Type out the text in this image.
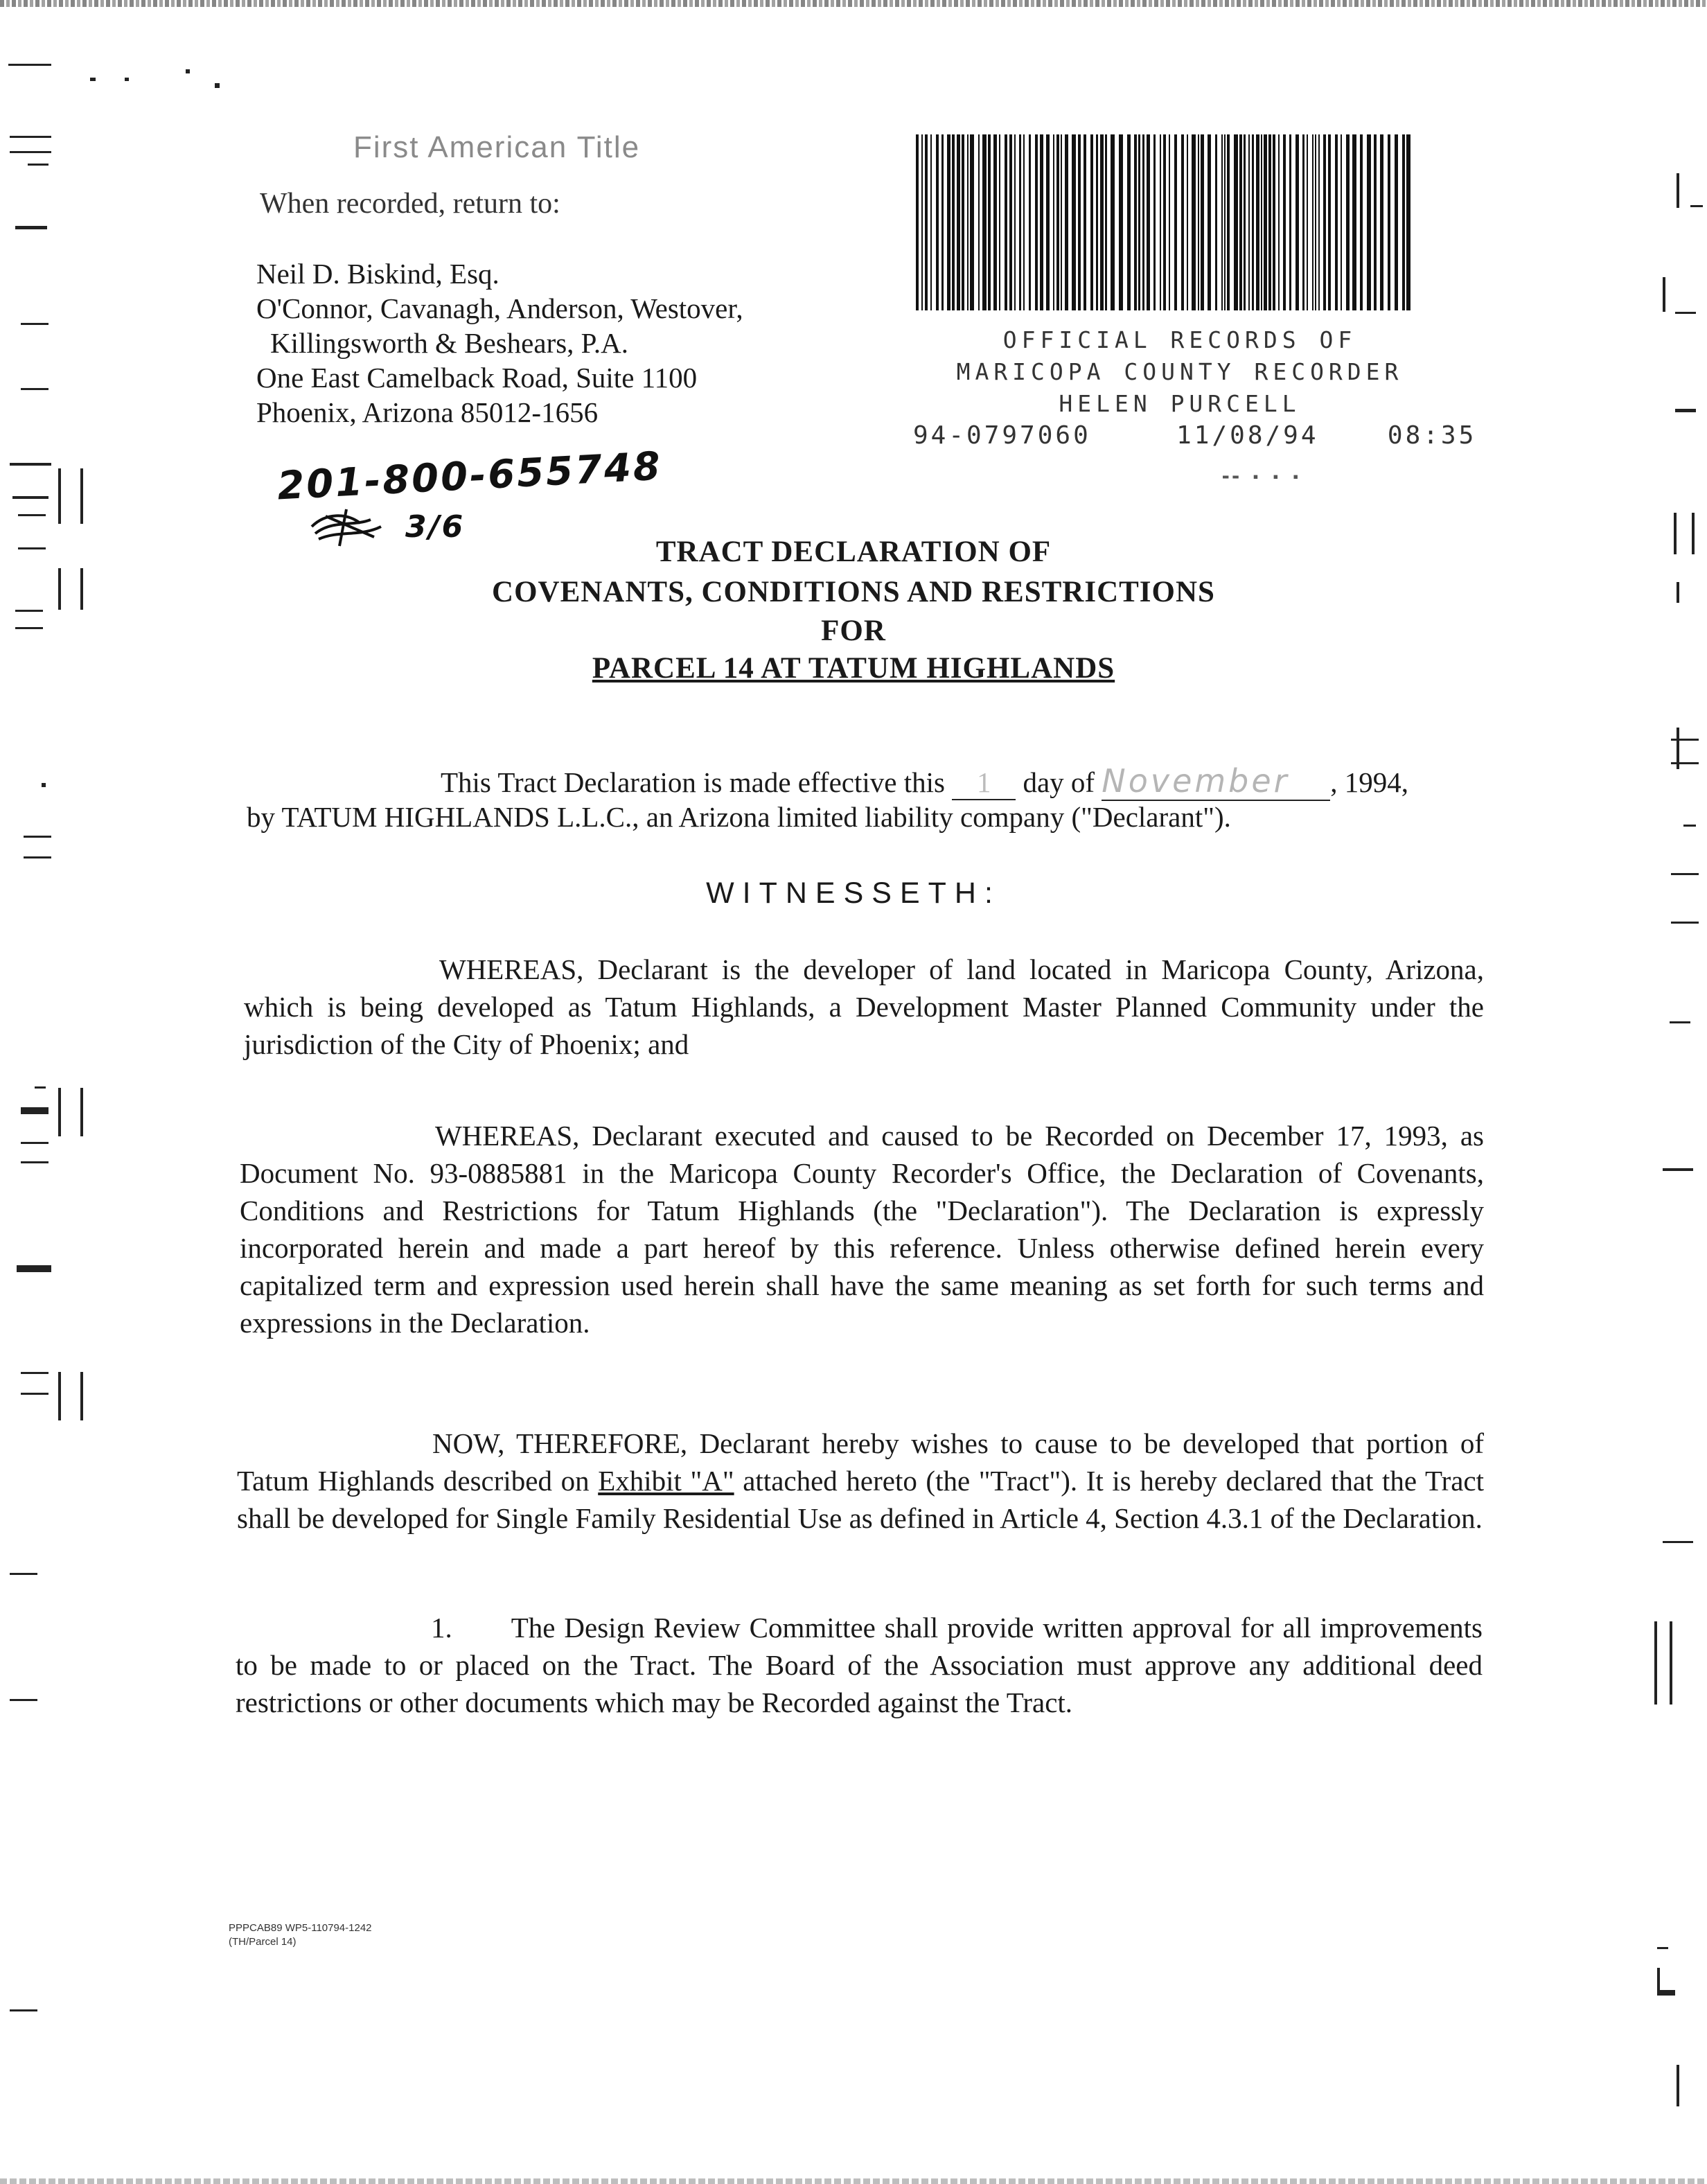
First American Title
When recorded, return to:
Neil D. Biskind, Esq.
O'Connor, Cavanagh, Anderson, Westover,
Killingsworth & Beshears, P.A.
One East Camelback Road, Suite 1100
Phoenix, Arizona 85012-1656
201-800-655748
3/6
OFFICIAL RECORDS OF
MARICOPA COUNTY RECORDER
HELEN PURCELL
94-0797060	11/08/94	08:35
▬▬ ▪ ▪ ▪
TRACT DECLARATION OF
COVENANTS, CONDITIONS AND RESTRICTIONS
FOR
PARCEL 14 AT TATUM HIGHLANDS
This Tract Declaration is made effective this 1 day of November , 1994,
by TATUM HIGHLANDS L.L.C., an Arizona limited liability company ("Declarant").
WITNESSETH:
WHEREAS, Declarant is the developer of land located in Maricopa County, Arizona, which is being developed as Tatum Highlands, a Development Master Planned Community under the jurisdiction of the City of Phoenix; and
WHEREAS, Declarant executed and caused to be Recorded on December 17, 1993, as Document No. 93-0885881 in the Maricopa County Recorder's Office, the Declaration of Covenants, Conditions and Restrictions for Tatum Highlands (the "Declaration"). The Declaration is expressly incorporated herein and made a part hereof by this reference. Unless otherwise defined herein every capitalized term and expression used herein shall have the same meaning as set forth for such terms and expressions in the Declaration.
NOW, THEREFORE, Declarant hereby wishes to cause to be developed that portion of Tatum Highlands described on Exhibit "A" attached hereto (the "Tract"). It is hereby declared that the Tract shall be developed for Single Family Residential Use as defined in Article 4, Section 4.3.1 of the Declaration.
1. The Design Review Committee shall provide written approval for all improvements to be made to or placed on the Tract. The Board of the Association must approve any additional deed restrictions or other documents which may be Recorded against the Tract.
PPPCAB89 WP5-110794-1242
(TH/Parcel 14)
